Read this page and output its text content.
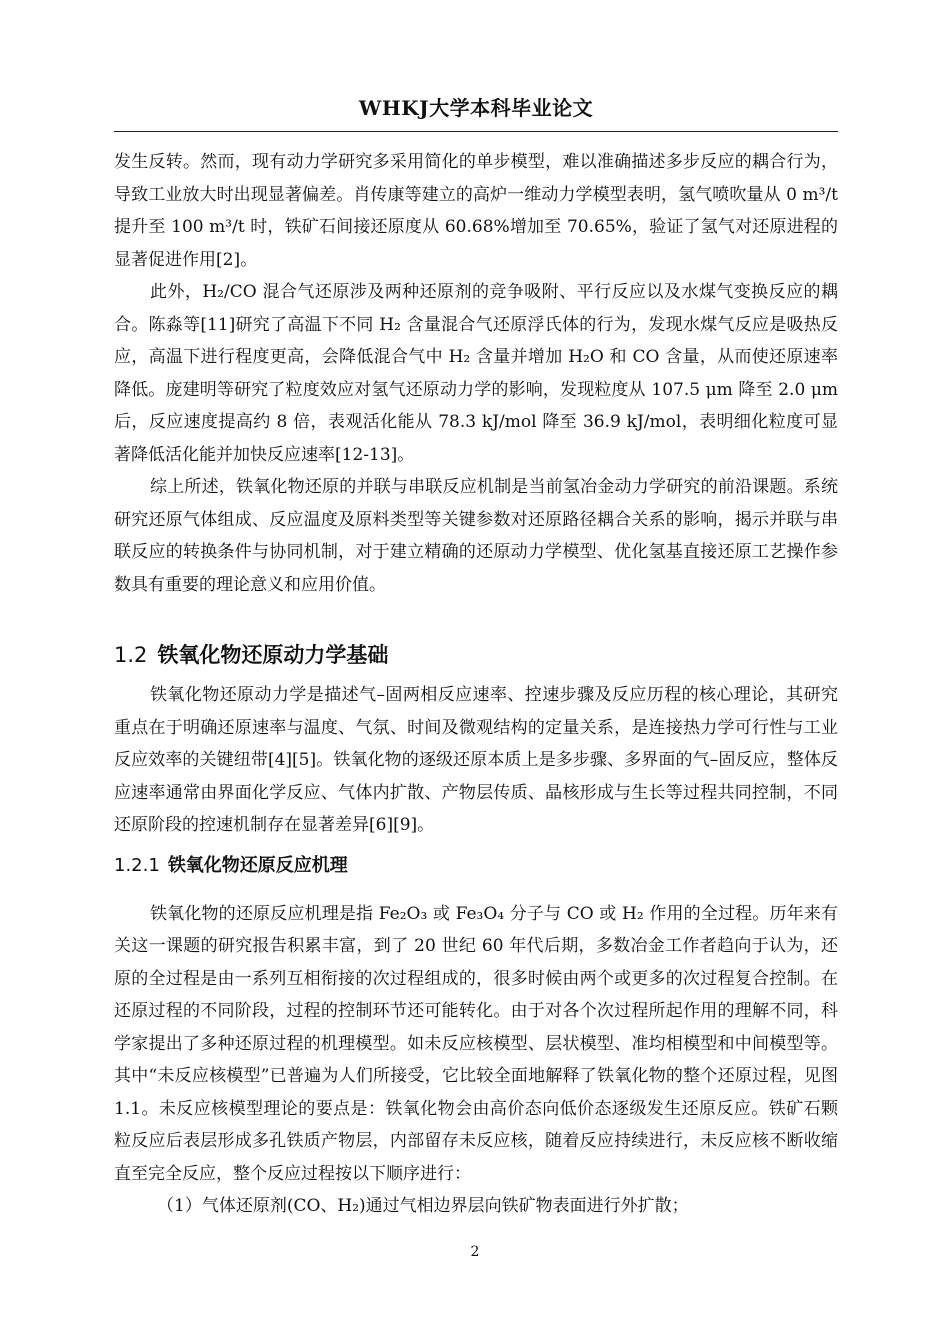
WHKJ大学本科毕业论文

发生反转。然而，现有动力学研究多采用简化的单步模型，难以准确描述多步反应的耦合行为，导致工业放大时出现显著偏差。肖传康等建立的高炉一维动力学模型表明，氢气喷吹量从 0 m³/t 提升至 100 m³/t 时，铁矿石间接还原度从 60.68%增加至 70.65%，验证了氢气对还原进程的显著促进作用[2]。

此外，H₂/CO 混合气还原涉及两种还原剂的竞争吸附、平行反应以及水煤气变换反应的耦合。陈淼等[11]研究了高温下不同 H₂ 含量混合气还原浮氏体的行为，发现水煤气反应是吸热反应，高温下进行程度更高，会降低混合气中 H₂ 含量并增加 H₂O 和 CO 含量，从而使还原速率降低。庞建明等研究了粒度效应对氢气还原动力学的影响，发现粒度从 107.5 μm 降至 2.0 μm 后，反应速度提高约 8 倍，表观活化能从 78.3 kJ/mol 降至 36.9 kJ/mol，表明细化粒度可显著降低活化能并加快反应速率[12-13]。

综上所述，铁氧化物还原的并联与串联反应机制是当前氢冶金动力学研究的前沿课题。系统研究还原气体组成、反应温度及原料类型等关键参数对还原路径耦合关系的影响，揭示并联与串联反应的转换条件与协同机制，对于建立精确的还原动力学模型、优化氢基直接还原工艺操作参数具有重要的理论意义和应用价值。

1.2 铁氧化物还原动力学基础

铁氧化物还原动力学是描述气–固两相反应速率、控速步骤及反应历程的核心理论，其研究重点在于明确还原速率与温度、气氛、时间及微观结构的定量关系，是连接热力学可行性与工业反应效率的关键纽带[4][5]。铁氧化物的逐级还原本质上是多步骤、多界面的气–固反应，整体反应速率通常由界面化学反应、气体内扩散、产物层传质、晶核形成与生长等过程共同控制，不同还原阶段的控速机制存在显著差异[6][9]。

1.2.1 铁氧化物还原反应机理

铁氧化物的还原反应机理是指 Fe₂O₃ 或 Fe₃O₄ 分子与 CO 或 H₂ 作用的全过程。历年来有关这一课题的研究报告积累丰富，到了 20 世纪 60 年代后期，多数冶金工作者趋向于认为，还原的全过程是由一系列互相衔接的次过程组成的，很多时候由两个或更多的次过程复合控制。在还原过程的不同阶段，过程的控制环节还可能转化。由于对各个次过程所起作用的理解不同，科学家提出了多种还原过程的机理模型。如未反应核模型、层状模型、准均相模型和中间模型等。其中“未反应核模型”已普遍为人们所接受，它比较全面地解释了铁氧化物的整个还原过程，见图 1.1。未反应核模型理论的要点是：铁氧化物会由高价态向低价态逐级发生还原反应。铁矿石颗粒反应后表层形成多孔铁质产物层，内部留存未反应核，随着反应持续进行，未反应核不断收缩直至完全反应，整个反应过程按以下顺序进行：

（1）气体还原剂(CO、H₂)通过气相边界层向铁矿物表面进行外扩散；

2
